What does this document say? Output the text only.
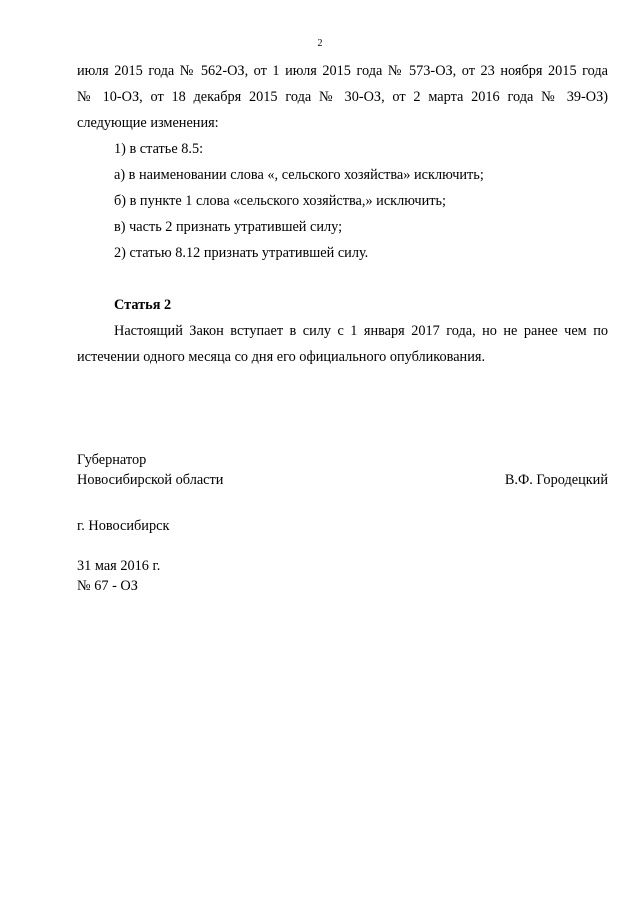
2
июля 2015 года № 562-ОЗ, от 1 июля 2015 года № 573-ОЗ, от 23 ноября 2015 года
№ 10-ОЗ, от 18 декабря 2015 года № 30-ОЗ, от 2 марта 2016 года № 39-ОЗ)
следующие изменения:
1) в статье 8.5:
а) в наименовании слова «, сельского хозяйства» исключить;
б) в пункте 1 слова «сельского хозяйства,» исключить;
в) часть 2 признать утратившей силу;
2) статью 8.12 признать утратившей силу.
Статья 2
Настоящий Закон вступает в силу с 1 января 2017 года, но не ранее чем по
истечении одного месяца со дня его официального опубликования.
Губернатор
Новосибирской области	В.Ф. Городецкий
г. Новосибирск
31 мая 2016 г.
№ 67 - ОЗ
